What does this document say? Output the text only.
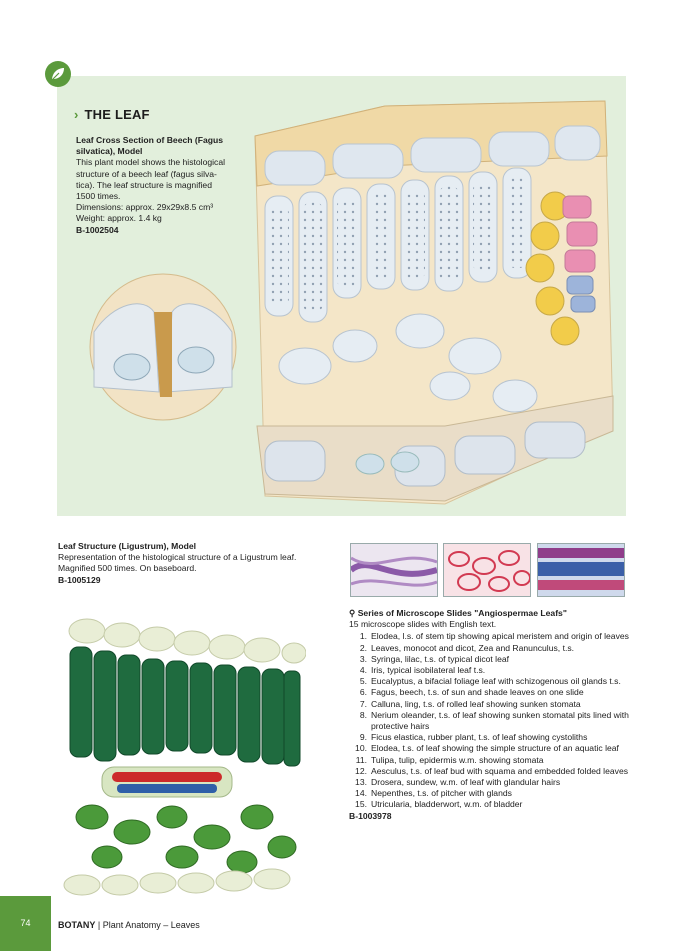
› THE LEAF
Leaf Cross Section of Beech (Fagus silvatica), Model
This plant model shows the histological
structure of a beech leaf (fagus silva-
tica). The leaf structure is magnified
1500 times.
Dimensions: approx. 29x29x8.5 cm³
Weight: approx. 1.4 kg
B-1002504
Leaf Structure (Ligustrum), Model
Representation of the histological structure of a Ligustrum leaf.
Magnified 500 times. On baseboard.
B-1005129
⚲ Series of Microscope Slides "Angiospermae Leafs"
15 microscope slides with English text.
1. Elodea, l.s. of stem tip showing apical meristem and origin of leaves
2. Leaves, monocot and dicot, Zea and Ranunculus, t.s.
3. Syringa, lilac, t.s. of typical dicot leaf
4. Iris, typical isobilateral leaf t.s.
5. Eucalyptus, a bifacial foliage leaf with schizogenous oil glands t.s.
6. Fagus, beech, t.s. of sun and shade leaves on one slide
7. Calluna, ling, t.s. of rolled leaf showing sunken stomata
8. Nerium oleander, t.s. of leaf showing sunken stomatal pits lined with protective hairs
9. Ficus elastica, rubber plant, t.s. of leaf showing cystoliths
10. Elodea, t.s. of leaf showing the simple structure of an aquatic leaf
11. Tulipa, tulip, epidermis w.m. showing stomata
12. Aesculus, t.s. of leaf bud with squama and embedded folded leaves
13. Drosera, sundew, w.m. of leaf with glandular hairs
14. Nepenthes, t.s. of pitcher with glands
15. Utricularia, bladderwort, w.m. of bladder
B-1003978
74	BOTANY | Plant Anatomy – Leaves
